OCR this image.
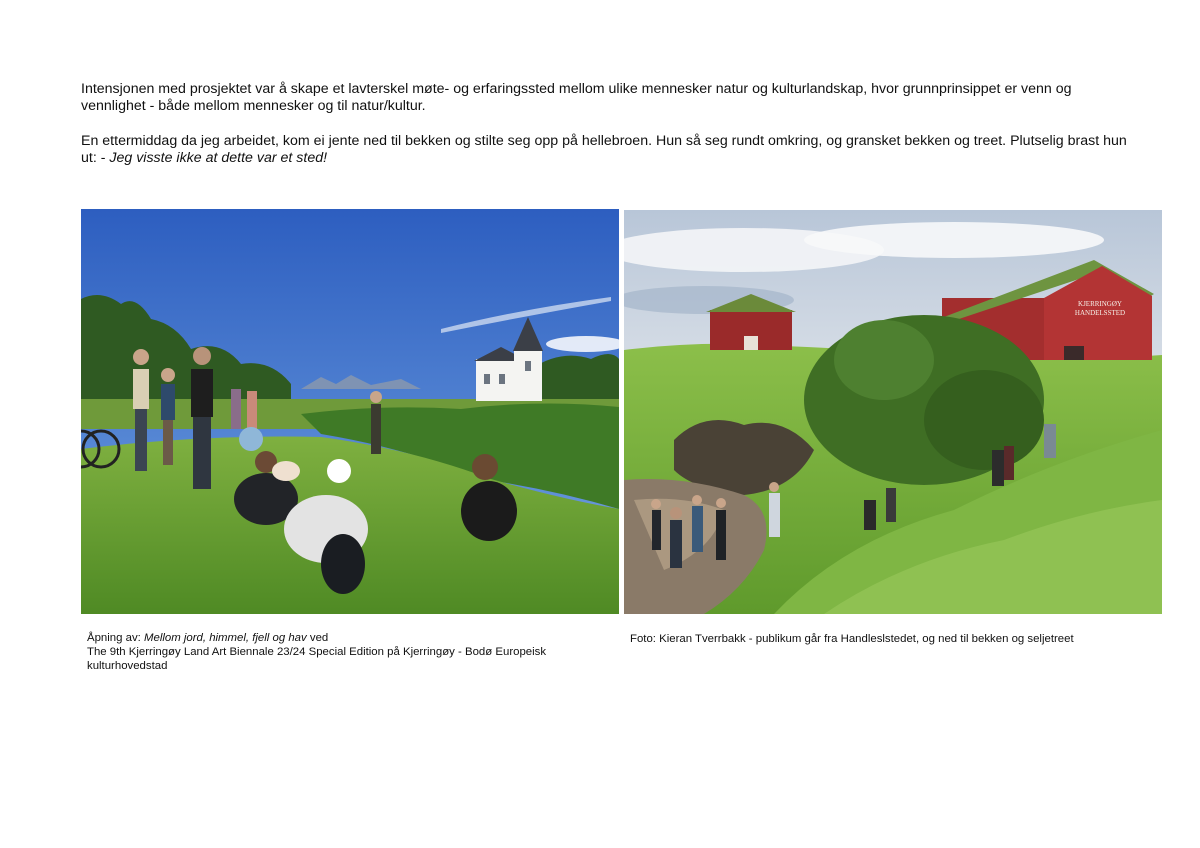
Intensjonen med prosjektet var å skape et lavterskel møte- og erfaringssted mellom ulike mennesker natur og kulturlandskap, hvor grunnprinsippet er venn og vennlighet - både mellom mennesker og til natur/kultur.

En ettermiddag da jeg arbeidet, kom ei jente ned til bekken og stilte seg opp på hellebroen. Hun så seg rundt omkring, og gransket bekken og treet. Plutselig brast hun ut: - Jeg visste ikke at dette var et sted!

KJERRINGØY
HANDELSSTED

Åpning av: Mellom jord, himmel, fjell og hav ved
The 9th Kjerringøy Land Art Biennale 23/24 Special Edition på Kjerringøy - Bodø Europeisk
kulturhovedstad

Foto: Kieran Tverrbakk - publikum går fra Handleslstedet, og ned til bekken og seljetreet
